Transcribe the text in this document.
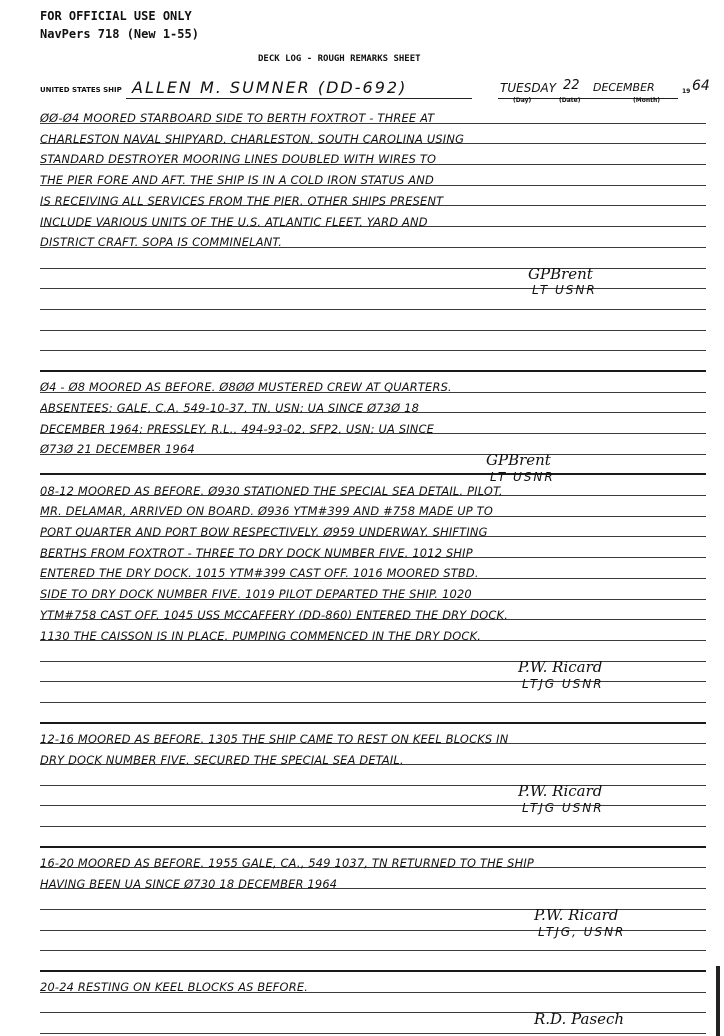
FOR OFFICIAL USE ONLY
NavPers 718 (New 1-55)
DECK LOG - ROUGH REMARKS SHEET
UNITED STATES SHIP ALLEN M. SUMNER (DD-692)	TUESDAY 22 DECEMBER
(Day)	(Date)	(Month)
19 64
ØØ-Ø4 MOORED STARBOARD SIDE TO BERTH FOXTROT - THREE AT
CHARLESTON NAVAL SHIPYARD, CHARLESTON, SOUTH CAROLINA USING
STANDARD DESTROYER MOORING LINES DOUBLED WITH WIRES TO
THE PIER FORE AND AFT. THE SHIP IS IN A COLD IRON STATUS AND
IS RECEIVING ALL SERVICES FROM THE PIER. OTHER SHIPS PRESENT
INCLUDE VARIOUS UNITS OF THE U.S. ATLANTIC FLEET, YARD AND
DISTRICT CRAFT. SOPA IS COMMINELANT.
GPBrent
LT USNR
Ø4 - Ø8 MOORED AS BEFORE. Ø8ØØ MUSTERED CREW AT QUARTERS.
ABSENTEES: GALE, C.A. 549-10-37, TN, USN; UA SINCE Ø73Ø 18
DECEMBER 1964; PRESSLEY, R.L., 494-93-02, SFP2, USN; UA SINCE
Ø73Ø 21 DECEMBER 1964
GPBrent
LT USNR
08-12 MOORED AS BEFORE. Ø930 STATIONED THE SPECIAL SEA DETAIL. PILOT,
MR. DELAMAR, ARRIVED ON BOARD. Ø936 YTM#399 AND #758 MADE UP TO
PORT QUARTER AND PORT BOW RESPECTIVELY. Ø959 UNDERWAY. SHIFTING
BERTHS FROM FOXTROT - THREE TO DRY DOCK NUMBER FIVE. 1012 SHIP
ENTERED THE DRY DOCK. 1015 YTM#399 CAST OFF. 1016 MOORED STBD.
SIDE TO DRY DOCK NUMBER FIVE. 1019 PILOT DEPARTED THE SHIP. 1020
YTM#758 CAST OFF. 1045 USS MCCAFFERY (DD-860) ENTERED THE DRY DOCK.
1130 THE CAISSON IS IN PLACE. PUMPING COMMENCED IN THE DRY DOCK.
P.W. Ricard
LTJG USNR
12-16 MOORED AS BEFORE. 1305 THE SHIP CAME TO REST ON KEEL BLOCKS IN
DRY DOCK NUMBER FIVE. SECURED THE SPECIAL SEA DETAIL.
P.W. Ricard
LTJG USNR
16-20 MOORED AS BEFORE. 1955 GALE, CA., 549 1037, TN RETURNED TO THE SHIP
HAVING BEEN UA SINCE Ø730 18 DECEMBER 1964
P.W. Ricard
LTJG, USNR
20-24 RESTING ON KEEL BLOCKS AS BEFORE.
R.D. Pasech
